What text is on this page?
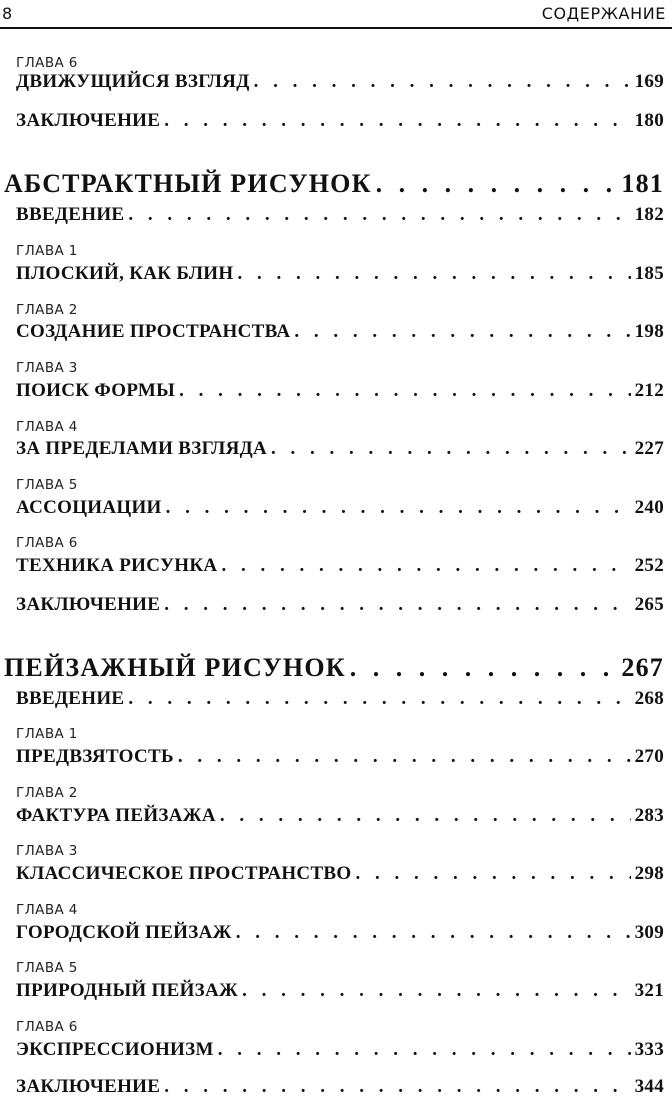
8	СОДЕРЖАНИЕ
ГЛАВА 6
ДВИЖУЩИЙСЯ ВЗГЛЯД . . .	169
ЗАКЛЮЧЕНИЕ . . .	180
АБСТРАКТНЫЙ РИСУНОК . . .	181
ВВЕДЕНИЕ . . .	182
ГЛАВА 1
ПЛОСКИЙ, КАК БЛИН . . .	185
ГЛАВА 2
СОЗДАНИЕ ПРОСТРАНСТВА . . .	198
ГЛАВА 3
ПОИСК ФОРМЫ . . .	212
ГЛАВА 4
ЗА ПРЕДЕЛАМИ ВЗГЛЯДА . . .	227
ГЛАВА 5
АССОЦИАЦИИ . . .	240
ГЛАВА 6
ТЕХНИКА РИСУНКА . . .	252
ЗАКЛЮЧЕНИЕ . . .	265
ПЕЙЗАЖНЫЙ РИСУНОК . . .	267
ВВЕДЕНИЕ . . .	268
ГЛАВА 1
ПРЕДВЗЯТОСТЬ . . .	270
ГЛАВА 2
ФАКТУРА ПЕЙЗАЖА . . .	283
ГЛАВА 3
КЛАССИЧЕСКОЕ ПРОСТРАНСТВО . . .	298
ГЛАВА 4
ГОРОДСКОЙ ПЕЙЗАЖ . . .	309
ГЛАВА 5
ПРИРОДНЫЙ ПЕЙЗАЖ . . .	321
ГЛАВА 6
ЭКСПРЕССИОНИЗМ . . .	333
ЗАКЛЮЧЕНИЕ . . .	344
